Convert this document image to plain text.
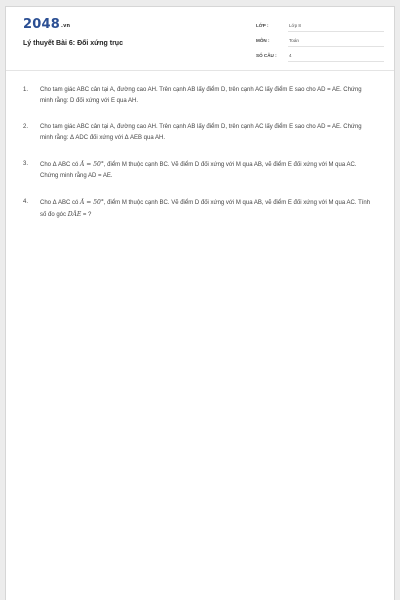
2048.vn
Lý thuyết Bài 6: Đối xứng trục
LỚP :	Lớp 8
MÔN :	Toán
SỐ CÂU :	4
1. Cho tam giác ABC cân tại A, đường cao AH. Trên cạnh AB lấy điểm D, trên cạnh AC lấy điểm E sao cho AD = AE. Chứng minh rằng: D đối xứng với E qua AH.
2. Cho tam giác ABC cân tại A, đường cao AH. Trên cạnh AB lấy điểm D, trên cạnh AC lấy điểm E sao cho AD = AE. Chứng minh rằng: Δ ADC đối xứng với Δ AEB qua AH.
3. Cho Δ ABC có Â = 50°, điểm M thuộc cạnh BC. Vẽ điểm D đối xứng với M qua AB, vẽ điểm E đối xứng với M qua AC. Chứng minh rằng AD = AE.
4. Cho Δ ABC có Â = 50°, điểm M thuộc cạnh BC. Vẽ điểm D đối xứng với M qua AB, vẽ điểm E đối xứng với M qua AC. Tính số đo góc DÂE = ?
